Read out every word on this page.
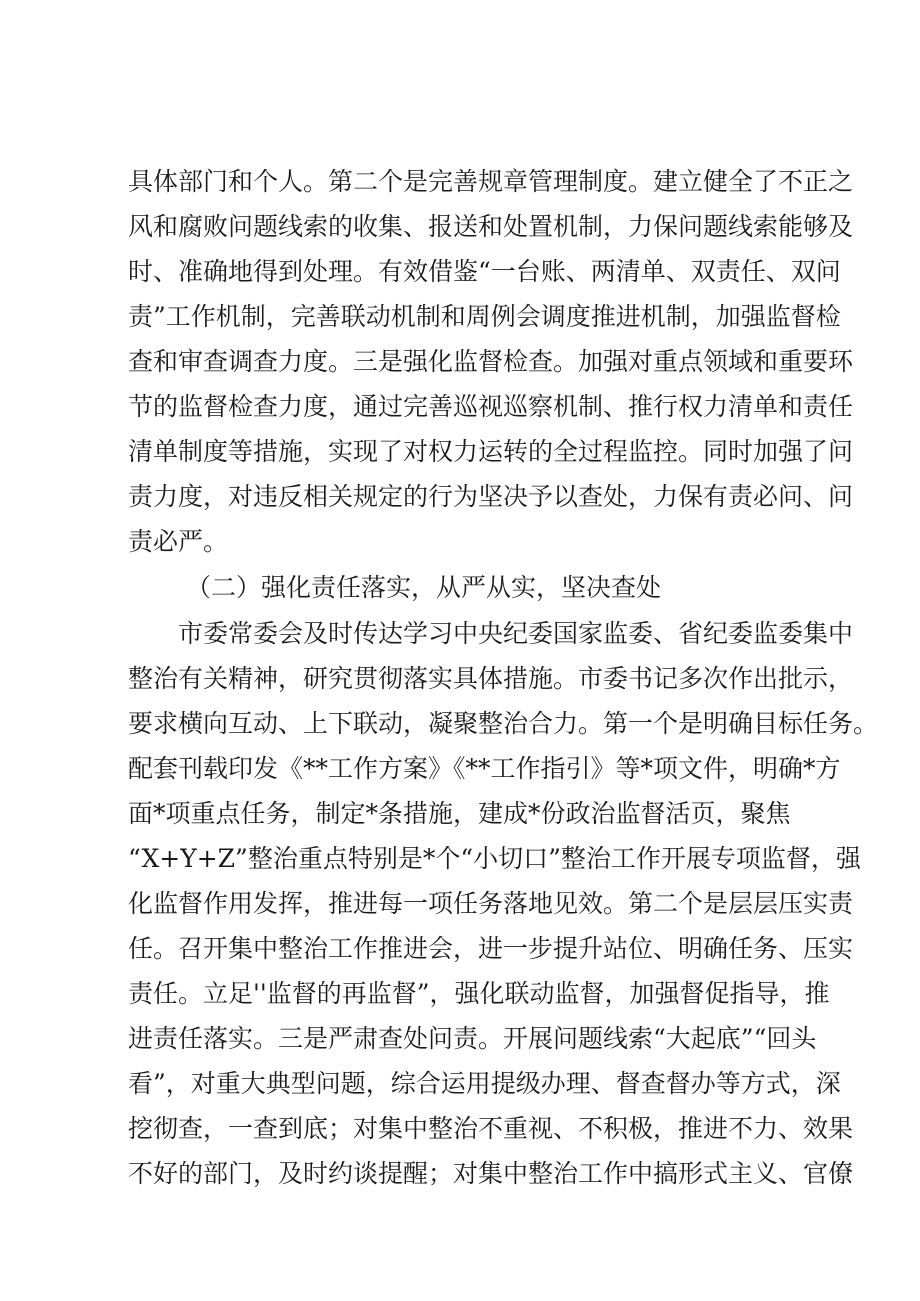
具体部门和个人。第二个是完善规章管理制度。建立健全了不正之
风和腐败问题线索的收集、报送和处置机制，力保问题线索能够及
时、准确地得到处理。有效借鉴“一台账、两清单、双责任、双问
责”工作机制，完善联动机制和周例会调度推进机制，加强监督检
查和审查调查力度。三是强化监督检查。加强对重点领域和重要环
节的监督检查力度，通过完善巡视巡察机制、推行权力清单和责任
清单制度等措施，实现了对权力运转的全过程监控。同时加强了问
责力度，对违反相关规定的行为坚决予以查处，力保有责必问、问
责必严。
（二）强化责任落实，从严从实，坚决查处
市委常委会及时传达学习中央纪委国家监委、省纪委监委集中
整治有关精神，研究贯彻落实具体措施。市委书记多次作出批示，
要求横向互动、上下联动，凝聚整治合力。第一个是明确目标任务。
配套刊载印发《**工作方案》《**工作指引》等*项文件，明确*方
面*项重点任务，制定*条措施，建成*份政治监督活页，聚焦
“X+Y+Z”整治重点特别是*个“小切口”整治工作开展专项监督，强
化监督作用发挥，推进每一项任务落地见效。第二个是层层压实责
任。召开集中整治工作推进会，进一步提升站位、明确任务、压实
责任。立足''监督的再监督”，强化联动监督，加强督促指导，推
进责任落实。三是严肃查处问责。开展问题线索“大起底”“回头
看”，对重大典型问题，综合运用提级办理、督查督办等方式，深
挖彻查，一查到底；对集中整治不重视、不积极，推进不力、效果
不好的部门，及时约谈提醒；对集中整治工作中搞形式主义、官僚
